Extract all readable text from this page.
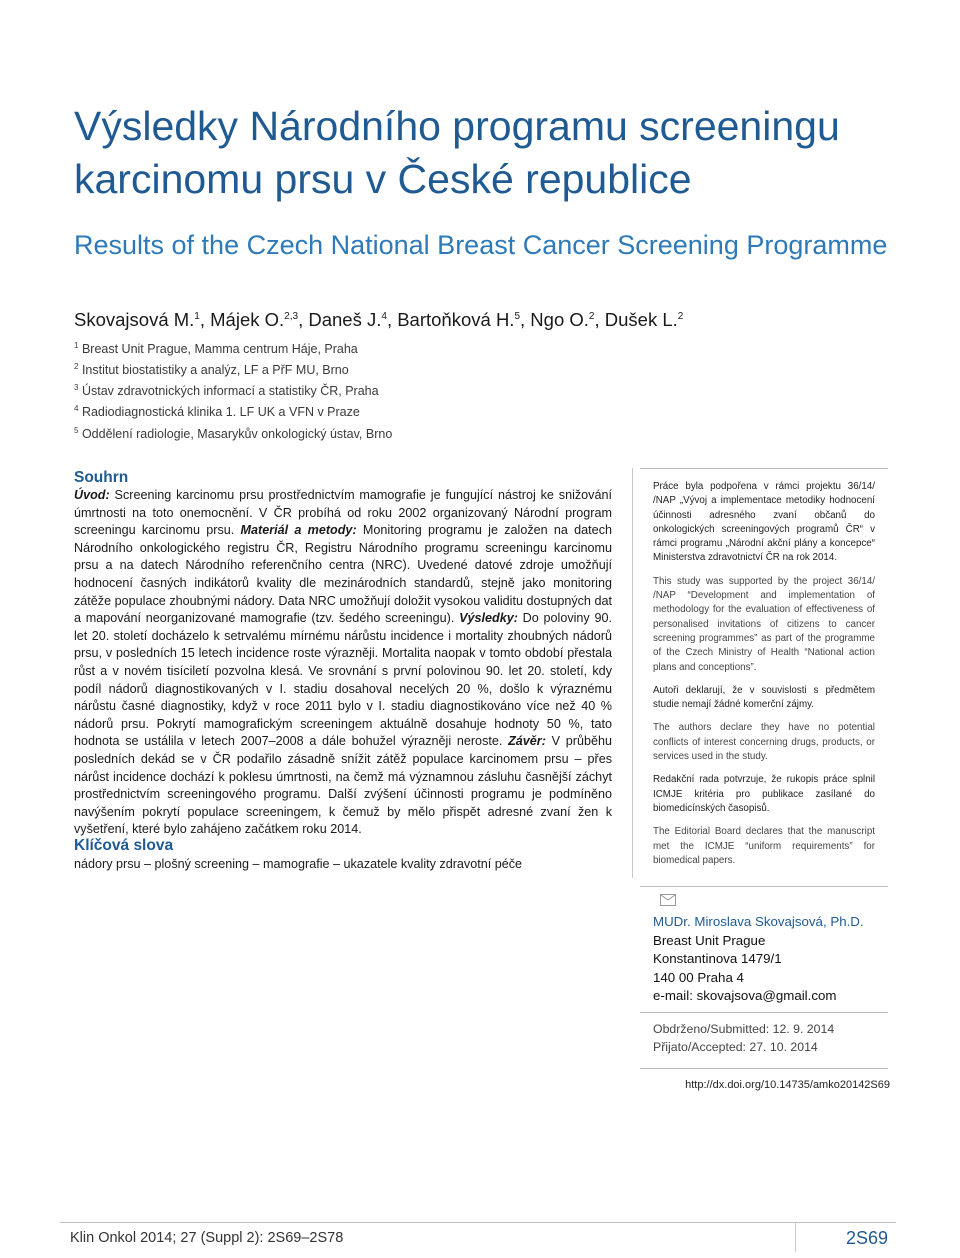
Výsledky Národního programu screeningu
karcinomu prsu v České republice
Results of the Czech National Breast Cancer Screening Programme
Skovajsová M.$^1$, Májek O.$^{2,3}$, Daneš J.$^4$, Bartoňková H.$^5$, Ngo O.$^2$, Dušek L.$^2$
$^1$ Breast Unit Prague, Mamma centrum Háje, Praha
$^2$ Institut biostatistiky a analýz, LF a PřF MU, Brno
$^3$ Ústav zdravotnických informací a statistiky ČR, Praha
$^4$ Radiodiagnostická klinika 1. LF UK a VFN v Praze
$^5$ Oddělení radiologie, Masarykův onkologický ústav, Brno
Souhrn

Úvod: Screening karcinomu prsu prostřednictvím mamografie je fungující nástroj ke snižování úmrtnosti na toto onemocnění. V ČR probíhá od roku 2002 organizovaný Národní program screeningu karcinomu prsu. Materiál a metody: Monitoring programu je založen na datech Národního onkologického registru ČR, Registru Národního programu screeningu karcinomu prsu a na datech Národního referenčního centra (NRC). Uvedené datové zdroje umožňují hodnocení časných indikátorů kvality dle mezinárodních standardů, stejně jako monitoring zátěže populace zhoubnými nádory. Data NRC umožňují doložit vysokou validitu dostupných dat a mapování neorganizované mamografie (tzv. šedého screeningu). Výsledky: Do poloviny 90. let 20. století docházelo k setrvalému mírnému nárůstu incidence i mortality zhoubných nádorů prsu, v posledních 15 letech incidence roste výrazněji. Mortalita naopak v tomto období přestala růst a v novém tisíciletí pozvolna klesá. Ve srovnání s první polovinou 90. let 20. století, kdy podíl nádorů diagnostikovaných v I. stadiu dosahoval necelých 20 %, došlo k výraznému nárůstu časné diagnostiky, když v roce 2011 bylo v I. stadiu diagnostikováno více než 40 % nádorů prsu. Pokrytí mamografickým screeningem aktuálně dosahuje hodnoty 50 %, tato hodnota se ustálila v letech 2007–2008 a dále bohužel výrazněji neroste. Závěr: V průběhu posledních dekád se v ČR podařilo zásadně snížit zátěž populace karcinomem prsu – přes nárůst incidence dochází k poklesu úmrtnosti, na čemž má významnou zásluhu časnější záchyt prostřednictvím screeningového programu. Další zvýšení účinnosti programu je podmíněno navýšením pokrytí populace screeningem, k čemuž by mělo přispět adresné zvaní žen k vyšetření, které bylo zahájeno začátkem roku 2014.

Klíčová slova
nádory prsu – plošný screening – mamografie – ukazatele kvality zdravotní péče

Práce byla podpořena v rámci projektu 36/14/ /NAP „Vývoj a implementace metodiky hodnocení účinnosti adresného zvaní občanů do onkologických screeningových programů ČR“ v rámci programu „Národní akční plány a koncepce“ Ministerstva zdravotnictví ČR na rok 2014.

This study was supported by the project 36/14/ /NAP “Development and implementation of methodology for the evaluation of effectiveness of personalised invitations of citizens to cancer screening programmes” as part of the programme of the Czech Ministry of Health “National action plans and conceptions”.

Autoři deklarují, že v souvislosti s předmětem studie nemají žádné komerční zájmy.

The authors declare they have no potential conflicts of interest concerning drugs, products, or services used in the study.

Redakční rada potvrzuje, že rukopis práce splnil ICMJE kritéria pro publikace zasílané do biomedicínských časopisů.

The Editorial Board declares that the manuscript met the ICMJE “uniform requirements” for biomedical papers.

MUDr. Miroslava Skovajsová, Ph.D.
Breast Unit Prague
Konstantinova 1479/1
140 00 Praha 4
e-mail: skovajsova@gmail.com
Obdrženo/Submitted: 12. 9. 2014
Přijato/Accepted: 27. 10. 2014
http://dx.doi.org/10.14735/amko20142S69
Klin Onkol 2014; 27 (Suppl 2): 2S69–2S78	2S69
